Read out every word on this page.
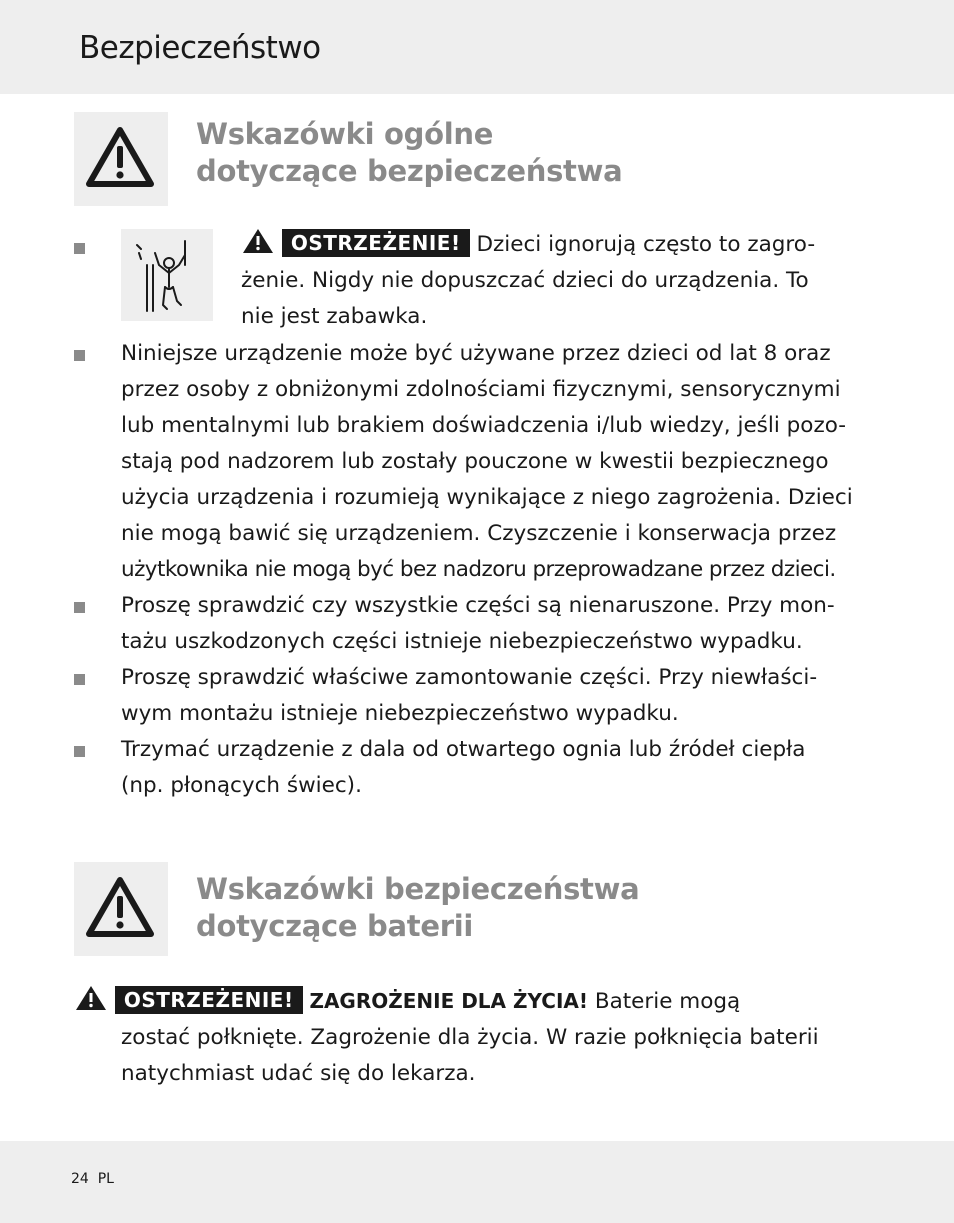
Bezpieczeństwo
Wskazówki ogólne
dotyczące bezpieczeństwa
OSTRZEŻENIE! Dzieci ignorują często to zagro-
żenie. Nigdy nie dopuszczać dzieci do urządzenia. To
nie jest zabawka.
Niniejsze urządzenie może być używane przez dzieci od lat 8 oraz
przez osoby z obniżonymi zdolnościami fizycznymi, sensorycznymi
lub mentalnymi lub brakiem doświadczenia i/lub wiedzy, jeśli pozo-
stają pod nadzorem lub zostały pouczone w kwestii bezpiecznego
użycia urządzenia i rozumieją wynikające z niego zagrożenia. Dzieci
nie mogą bawić się urządzeniem. Czyszczenie i konserwacja przez
użytkownika nie mogą być bez nadzoru przeprowadzane przez dzieci.
Proszę sprawdzić czy wszystkie części są nienaruszone. Przy mon-
tażu uszkodzonych części istnieje niebezpieczeństwo wypadku.
Proszę sprawdzić właściwe zamontowanie części. Przy niewłaści-
wym montażu istnieje niebezpieczeństwo wypadku.
Trzymać urządzenie z dala od otwartego ognia lub źródeł ciepła
(np. płonących świec).
Wskazówki bezpieczeństwa
dotyczące baterii
OSTRZEŻENIE! ZAGROŻENIE DLA ŻYCIA! Baterie mogą
zostać połknięte. Zagrożenie dla życia. W razie połknięcia baterii
natychmiast udać się do lekarza.
24 PL
